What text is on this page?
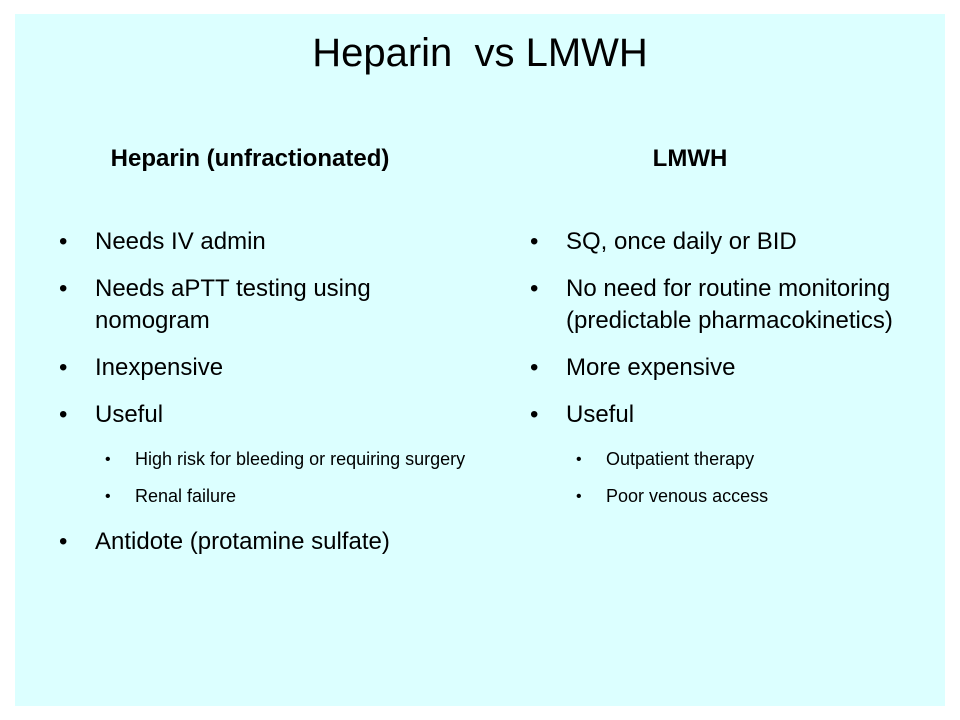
Heparin  vs LMWH
Heparin (unfractionated)	LMWH
• Needs IV admin
• Needs aPTT testing using nomogram
• Inexpensive
• Useful
• High risk for bleeding or requiring surgery
• Renal failure
• Antidote (protamine sulfate)
• SQ, once daily or BID
• No need for routine monitoring (predictable pharmacokinetics)
• More expensive
• Useful
• Outpatient therapy
• Poor venous access
